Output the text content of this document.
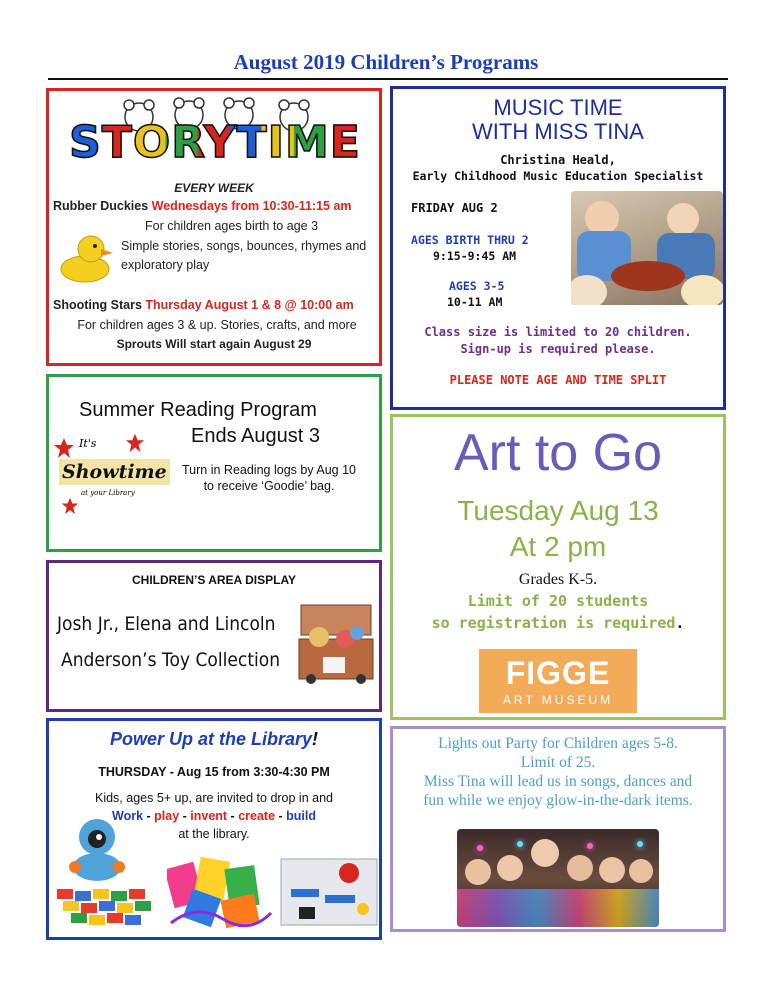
August 2019 Children’s Programs
STORYTIME
EVERY WEEK
Rubber Duckies Wednesdays from 10:30-11:15 am
For children ages birth to age 3
Simple stories, songs, bounces, rhymes and exploratory play
Shooting Stars Thursday August 1 & 8 @ 10:00 am
For children ages 3 & up. Stories, crafts, and more
Sprouts Will start again August 29
MUSIC TIME
WITH MISS TINA
Christina Heald,
Early Childhood Music Education Specialist
FRIDAY AUG 2
AGES BIRTH THRU 2
9:15-9:45 AM
AGES 3-5
10-11 AM
Class size is limited to 20 children.
Sign-up is required please.
PLEASE NOTE AGE AND TIME SPLIT
Summer Reading Program
Ends August 3
It's
Showtime
at your Library
Turn in Reading logs by Aug 10
to receive ‘Goodie’ bag.
Art to Go
Tuesday Aug 13
At 2 pm
Grades K-5.
Limit of 20 students
so registration is required.
FIGGE
ART MUSEUM
CHILDREN’S AREA DISPLAY
Josh Jr., Elena and Lincoln
Anderson’s Toy Collection
Power Up at the Library!
THURSDAY - Aug 15 from 3:30-4:30 PM
Kids, ages 5+ up, are invited to drop in and
Work - play - invent - create - build
at the library.
Lights out Party for Children ages 5-8.
Limit of 25.
Miss Tina will lead us in songs, dances and
fun while we enjoy glow-in-the-dark items.
